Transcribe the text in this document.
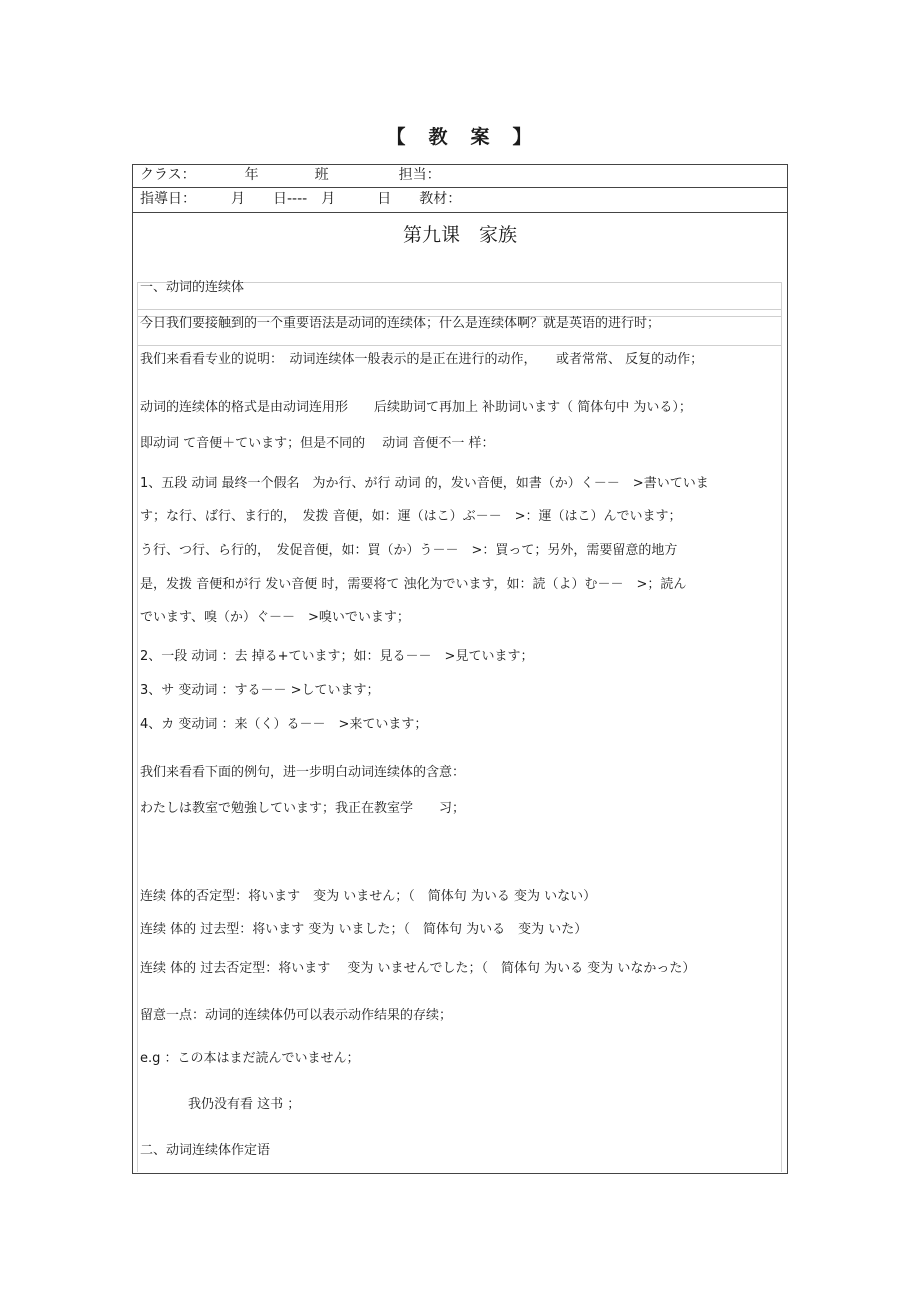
【　教　案　】
クラス：　　　　年　　　　班　　　　　担当：
指導日：　　　月　　日----　月　　　日　　教材：
第九课　家族
一、动词的连续体
今日我们要接触到的一个重要语法是动词的连续体；什么是连续体啊？就是英语的进行时；
我们来看看专业的说明：　动词连续体一般表示的是正在进行的动作，　　或者常常、 反复的动作；
动词的连续体的格式是由动词连用形　　后续助词て再加上 补助词います（ 简体句中 为いる）；
即动词 て音便＋ています；但是不同的　 动词 音便不一 样：
1、五段 动词 最终一个假名　为か行、が行 动词 的，发い音便，如書（か）く－－　>書いていま
す；な行、ば行、ま行的，　发拨 音便，如：運（はこ）ぶ－－　>：運（はこ）んでいます；
う行、つ行、ら行的，　发促音便，如：買（か）う－－　>：買って；另外，需要留意的地方
是，发拨 音便和が行 发い音便 时，需要将て 浊化为でいます，如：読（よ）む－－　>；読ん
でいます、嗅（か）ぐ－－　>嗅いでいます；
2、一段 动词 ：去 掉る+ています；如：見る－－　>見ています；
3、サ 变动词 ：する－－ >しています；
4、カ 变动词 ：来（く）る－－　>来ています；
我们来看看下面的例句，进一步明白动词连续体的含意：
わたしは教室で勉強しています；我正在教室学　　习；
连续 体的否定型：将います　变为 いません；（　简体句 为いる 变为 いない）
连续 体的 过去型：将います 变为 いました；（　简体句 为いる　变为 いた）
连续 体的 过去否定型：将います　 变为 いませんでした；（　简体句 为いる 变为 いなかった）
留意一点：动词的连续体仍可以表示动作结果的存续；
e.g ：この本はまだ読んでいません；
我仍没有看 这书 ；
二、动词连续体作定语
